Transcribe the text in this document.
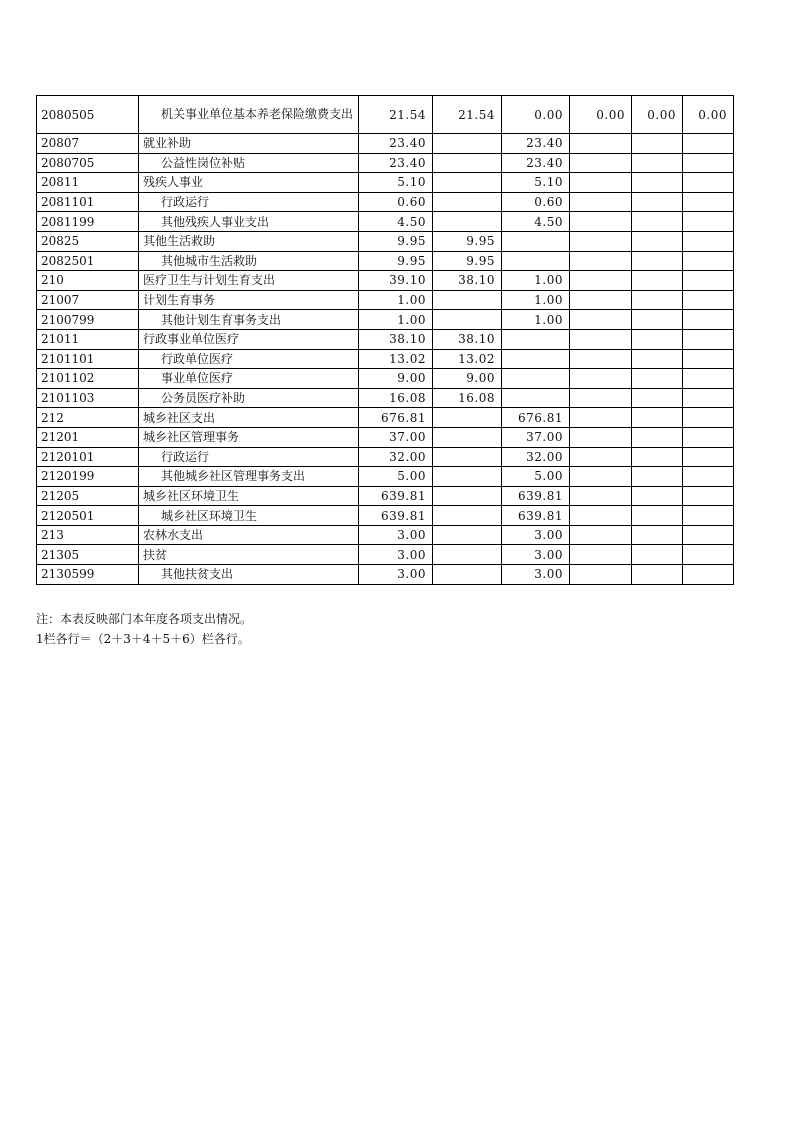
2080505	机关事业单位基本养老保险缴费支出	21.54	21.54	0.00	0.00	0.00	0.00
20807	就业补助	23.40		23.40			
2080705	公益性岗位补贴	23.40		23.40			
20811	残疾人事业	5.10		5.10			
2081101	行政运行	0.60		0.60			
2081199	其他残疾人事业支出	4.50		4.50			
20825	其他生活救助	9.95	9.95				
2082501	其他城市生活救助	9.95	9.95				
210	医疗卫生与计划生育支出	39.10	38.10	1.00			
21007	计划生育事务	1.00		1.00			
2100799	其他计划生育事务支出	1.00		1.00			
21011	行政事业单位医疗	38.10	38.10				
2101101	行政单位医疗	13.02	13.02				
2101102	事业单位医疗	9.00	9.00				
2101103	公务员医疗补助	16.08	16.08				
212	城乡社区支出	676.81		676.81			
21201	城乡社区管理事务	37.00		37.00			
2120101	行政运行	32.00		32.00			
2120199	其他城乡社区管理事务支出	5.00		5.00			
21205	城乡社区环境卫生	639.81		639.81			
2120501	城乡社区环境卫生	639.81		639.81			
213	农林水支出	3.00		3.00			
21305	扶贫	3.00		3.00			
2130599	其他扶贫支出	3.00		3.00			
注：本表反映部门本年度各项支出情况。
1栏各行＝（2＋3＋4＋5＋6）栏各行。
